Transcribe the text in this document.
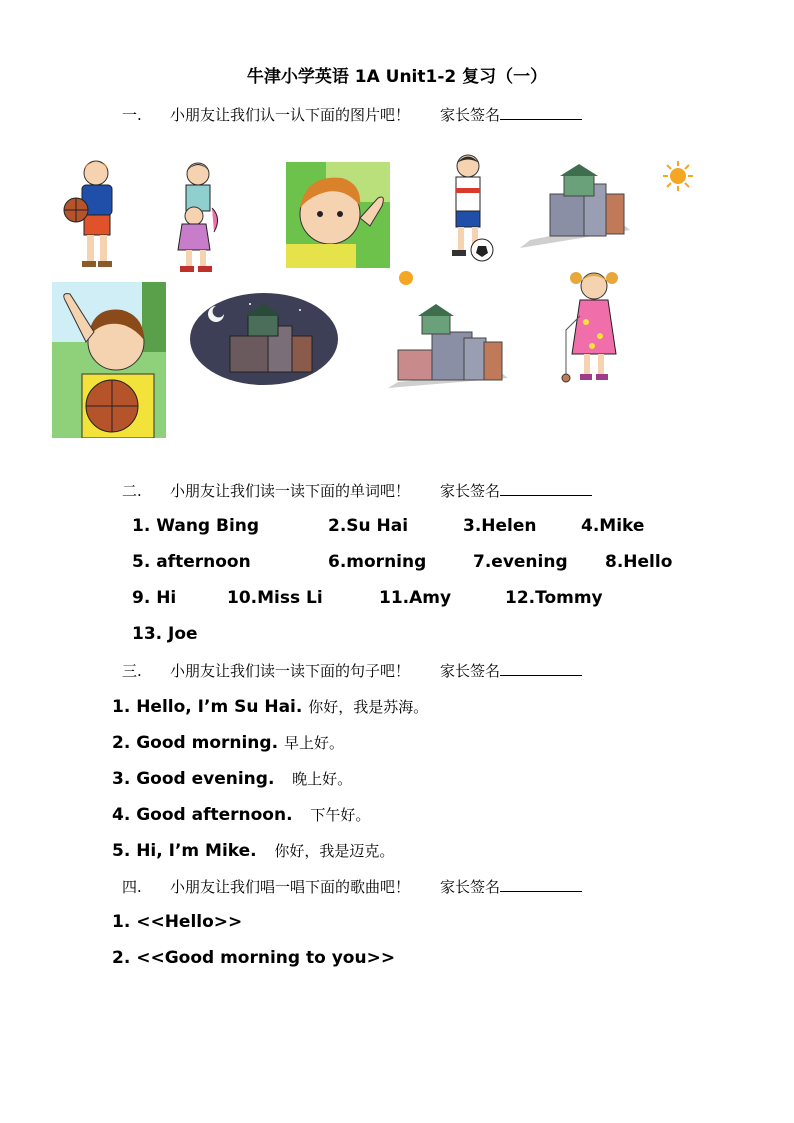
牛津小学英语 1A Unit1-2 复习（一）
一. 小朋友让我们认一认下面的图片吧！ 家长签名
二. 小朋友让我们读一读下面的单词吧！ 家长签名
1. Wang Bing	2.Su Hai	3.Helen	4.Mike
5. afternoon	6.morning	7.evening 8.Hello
9. Hi	10.Miss Li	11.Amy	12.Tommy
13. Joe
三. 小朋友让我们读一读下面的句子吧！ 家长签名
1. Hello, I’m Su Hai. 你好，我是苏海。
2. Good morning. 早上好。
3. Good evening. 晚上好。
4. Good afternoon. 下午好。
5. Hi, I’m Mike. 你好，我是迈克。
四. 小朋友让我们唱一唱下面的歌曲吧！ 家长签名
1. <<Hello>>
2. <<Good morning to you>>
